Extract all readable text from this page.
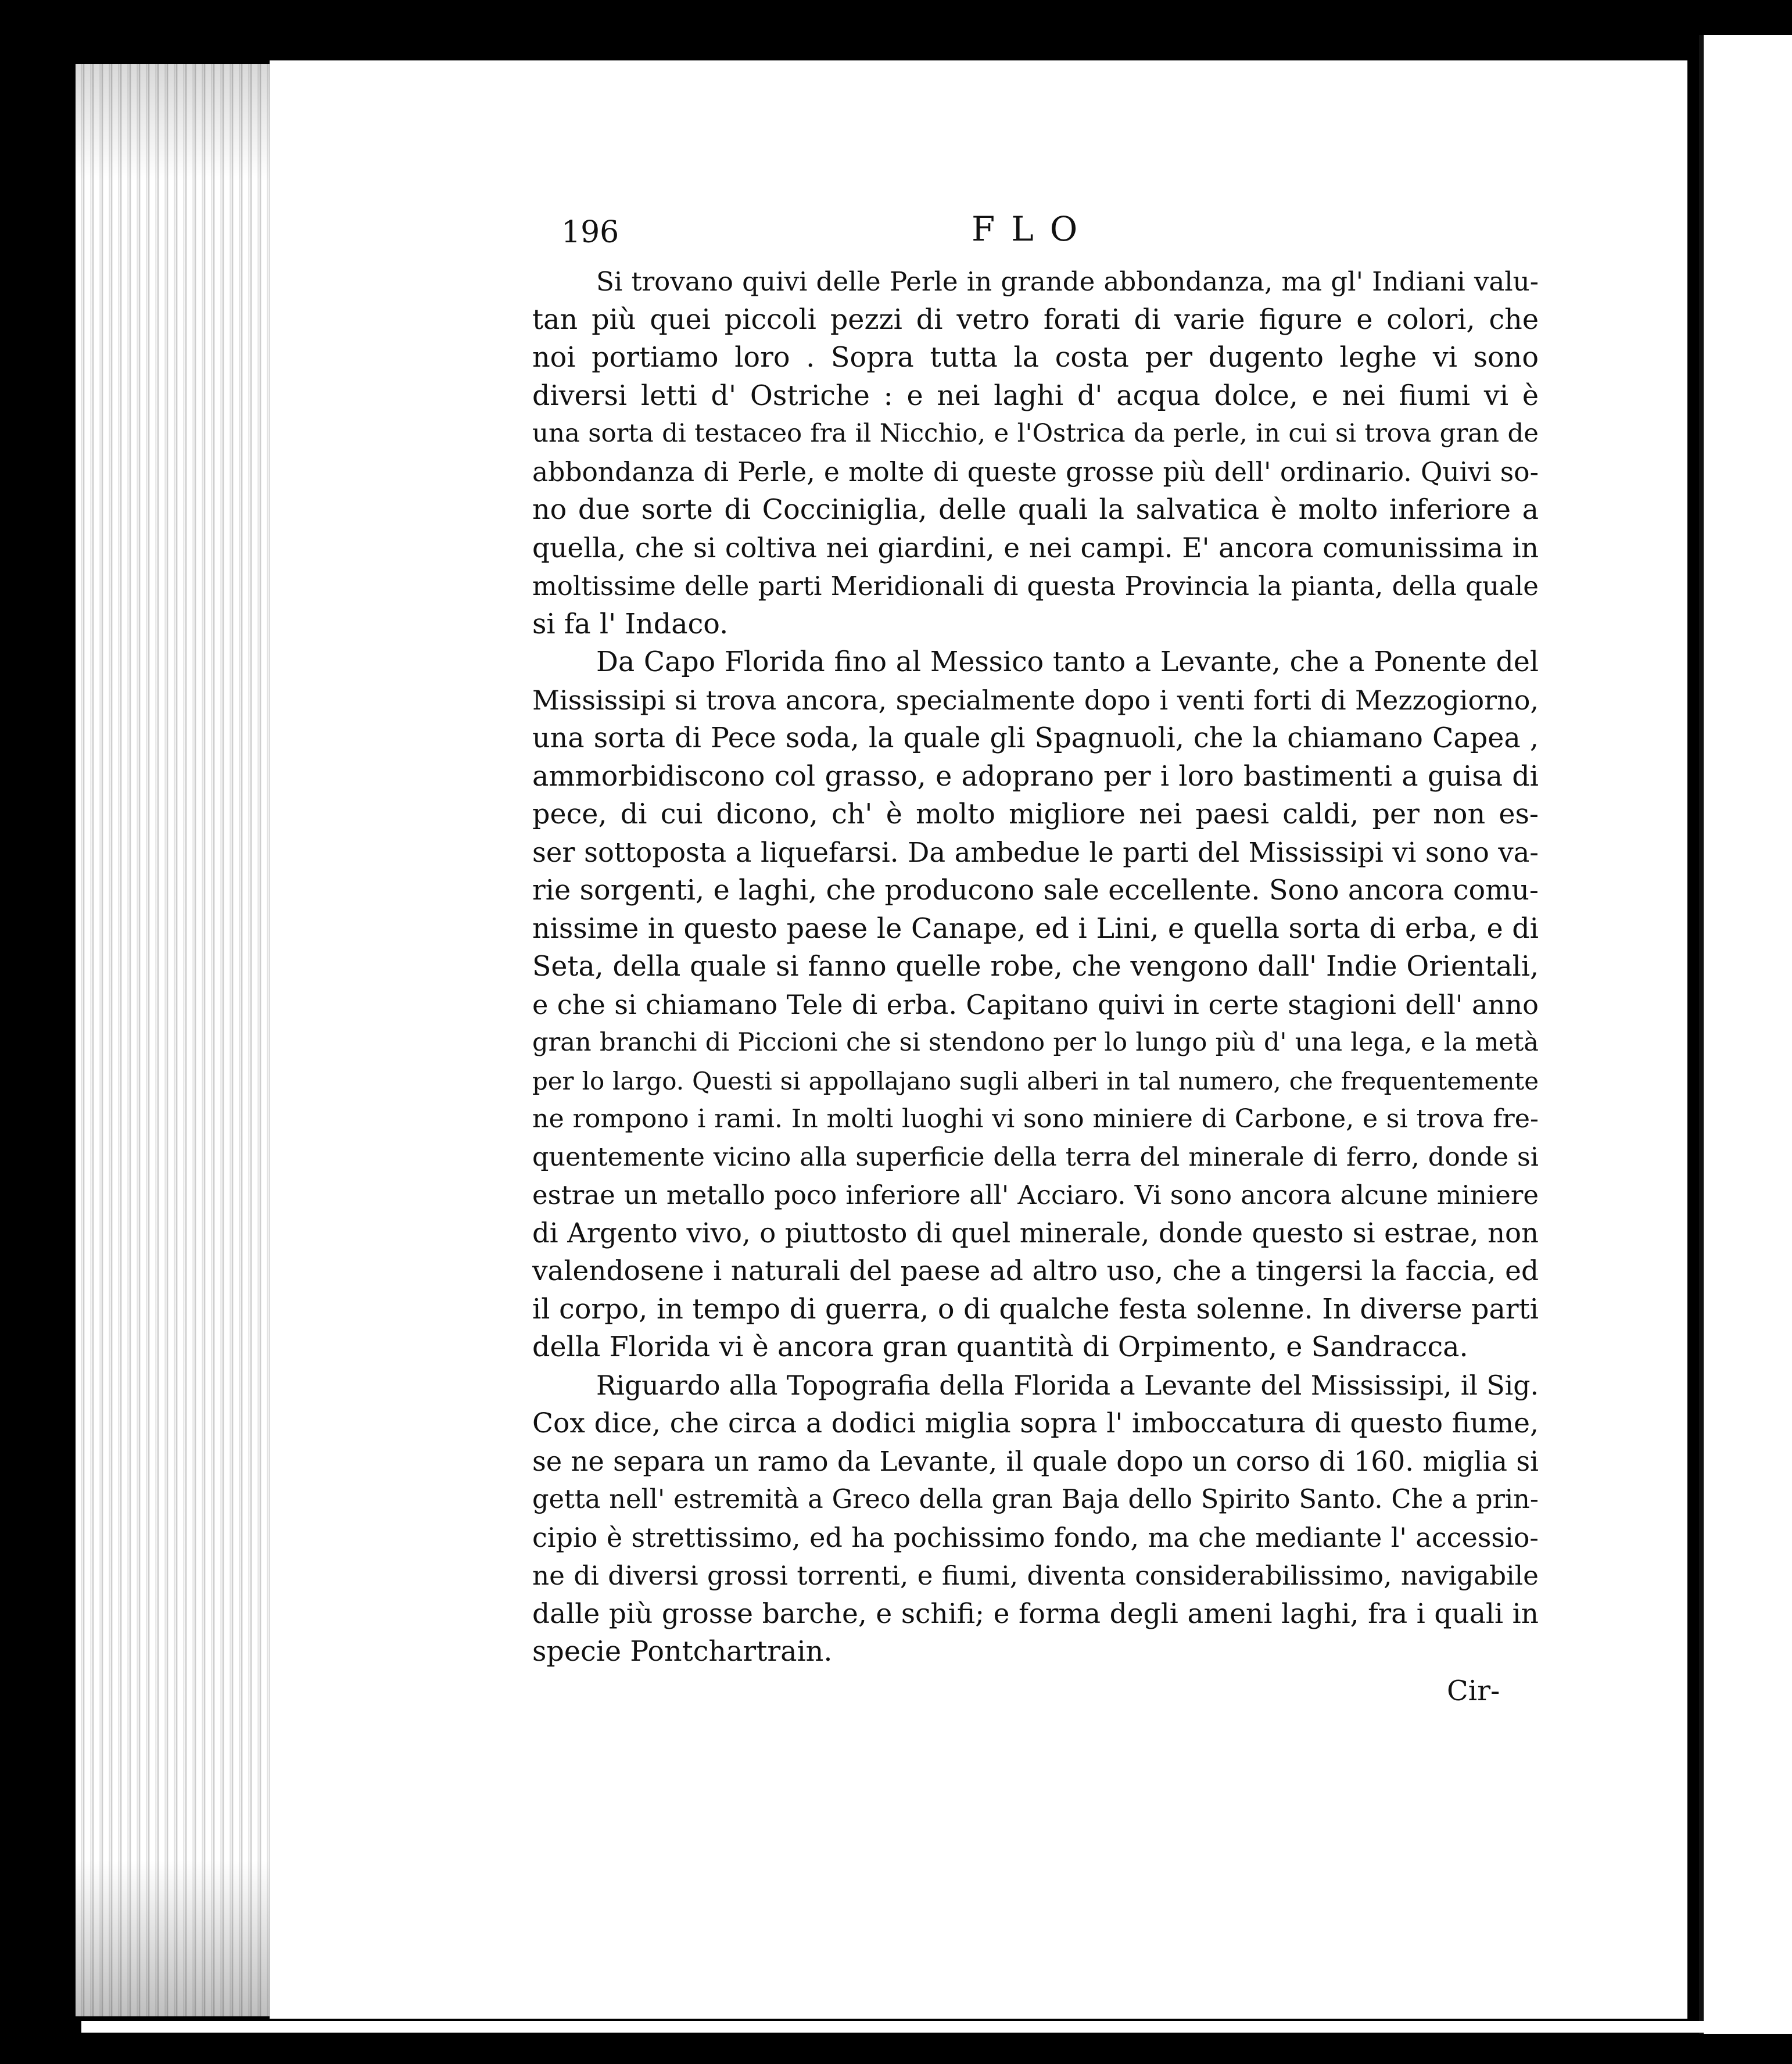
196	FLO
Si trovano quivi delle Perle in grande abbondanza, ma gl' Indiani valu-
tan più quei piccoli pezzi di vetro forati di varie figure e colori, che
noi portiamo loro . Sopra tutta la costa per dugento leghe vi sono
diversi letti d' Ostriche : e nei laghi d' acqua dolce, e nei fiumi vi è
una sorta di testaceo fra il Nicchio, e l'Ostrica da perle, in cui si trova gran de
abbondanza di Perle, e molte di queste grosse più dell' ordinario. Quivi so-
no due sorte di Cocciniglia, delle quali la salvatica è molto inferiore a
quella, che si coltiva nei giardini, e nei campi. E' ancora comunissima in
moltissime delle parti Meridionali di questa Provincia la pianta, della quale
si fa l' Indaco.
Da Capo Florida fino al Messico tanto a Levante, che a Ponente del
Mississipi si trova ancora, specialmente dopo i venti forti di Mezzogiorno,
una sorta di Pece soda, la quale gli Spagnuoli, che la chiamano Capea ,
ammorbidiscono col grasso, e adoprano per i loro bastimenti a guisa di
pece, di cui dicono, ch' è molto migliore nei paesi caldi, per non es-
ser sottoposta a liquefarsi. Da ambedue le parti del Mississipi vi sono va-
rie sorgenti, e laghi, che producono sale eccellente. Sono ancora comu-
nissime in questo paese le Canape, ed i Lini, e quella sorta di erba, e di
Seta, della quale si fanno quelle robe, che vengono dall' Indie Orientali,
e che si chiamano Tele di erba. Capitano quivi in certe stagioni dell' anno
gran branchi di Piccioni che si stendono per lo lungo più d' una lega, e la metà
per lo largo. Questi si appollajano sugli alberi in tal numero, che frequentemente
ne rompono i rami. In molti luoghi vi sono miniere di Carbone, e si trova fre-
quentemente vicino alla superficie della terra del minerale di ferro, donde si
estrae un metallo poco inferiore all' Acciaro. Vi sono ancora alcune miniere
di Argento vivo, o piuttosto di quel minerale, donde questo si estrae, non
valendosene i naturali del paese ad altro uso, che a tingersi la faccia, ed
il corpo, in tempo di guerra, o di qualche festa solenne. In diverse parti
della Florida vi è ancora gran quantità di Orpimento, e Sandracca.
Riguardo alla Topografia della Florida a Levante del Mississipi, il Sig.
Cox dice, che circa a dodici miglia sopra l' imboccatura di questo fiume,
se ne separa un ramo da Levante, il quale dopo un corso di 160. miglia si
getta nell' estremità a Greco della gran Baja dello Spirito Santo. Che a prin-
cipio è strettissimo, ed ha pochissimo fondo, ma che mediante l' accessio-
ne di diversi grossi torrenti, e fiumi, diventa considerabilissimo, navigabile
dalle più grosse barche, e schifi; e forma degli ameni laghi, fra i quali in
specie Pontchartrain.
Cir-
